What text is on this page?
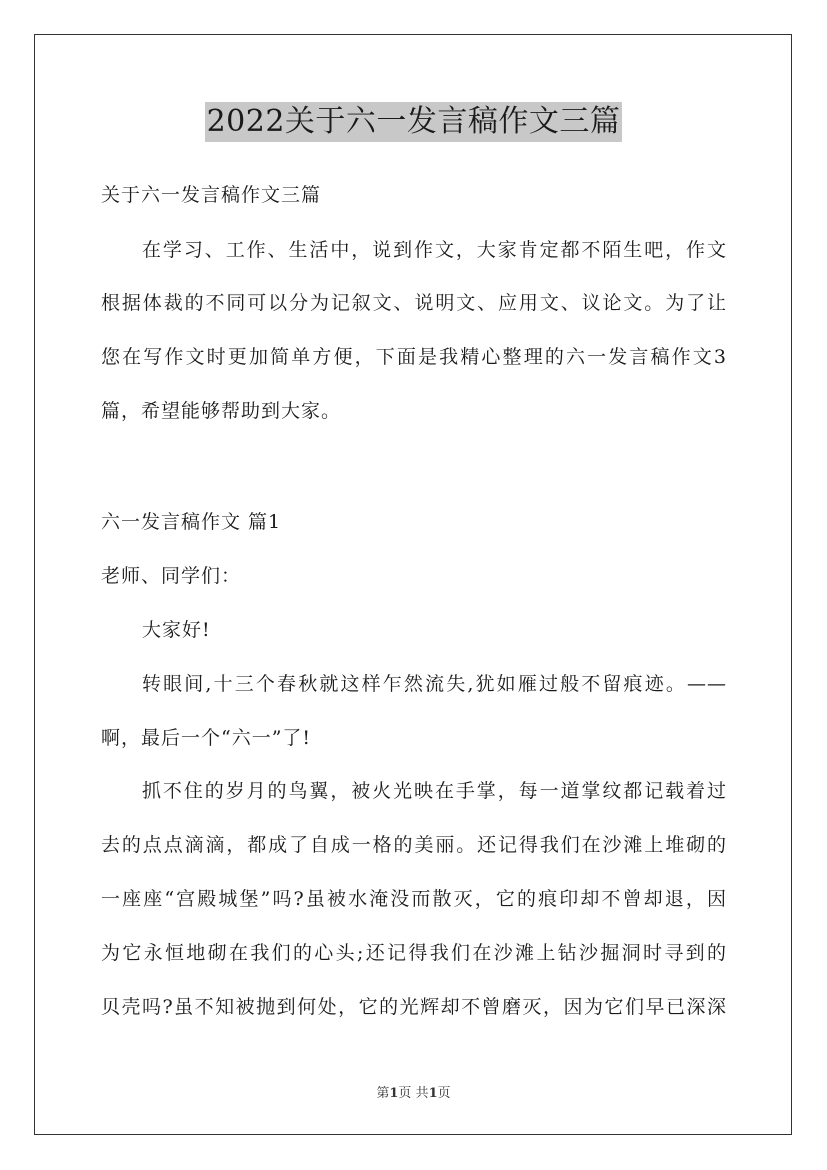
2022关于六一发言稿作文三篇
关于六一发言稿作文三篇
在学习、工作、生活中，说到作文，大家肯定都不陌生吧，作文
根据体裁的不同可以分为记叙文、说明文、应用文、议论文。为了让
您在写作文时更加简单方便，下面是我精心整理的六一发言稿作文3
篇，希望能够帮助到大家。
六一发言稿作文 篇1
老师、同学们：
大家好!
转眼间,十三个春秋就这样乍然流失,犹如雁过般不留痕迹。——
啊，最后一个“六一”了!
抓不住的岁月的鸟翼，被火光映在手掌，每一道掌纹都记载着过
去的点点滴滴，都成了自成一格的美丽。还记得我们在沙滩上堆砌的
一座座“宫殿城堡”吗?虽被水淹没而散灭，它的痕印却不曾却退，因
为它永恒地砌在我们的心头;还记得我们在沙滩上钻沙掘洞时寻到的
贝壳吗?虽不知被抛到何处，它的光辉却不曾磨灭，因为它们早已深深
第1页 共1页
